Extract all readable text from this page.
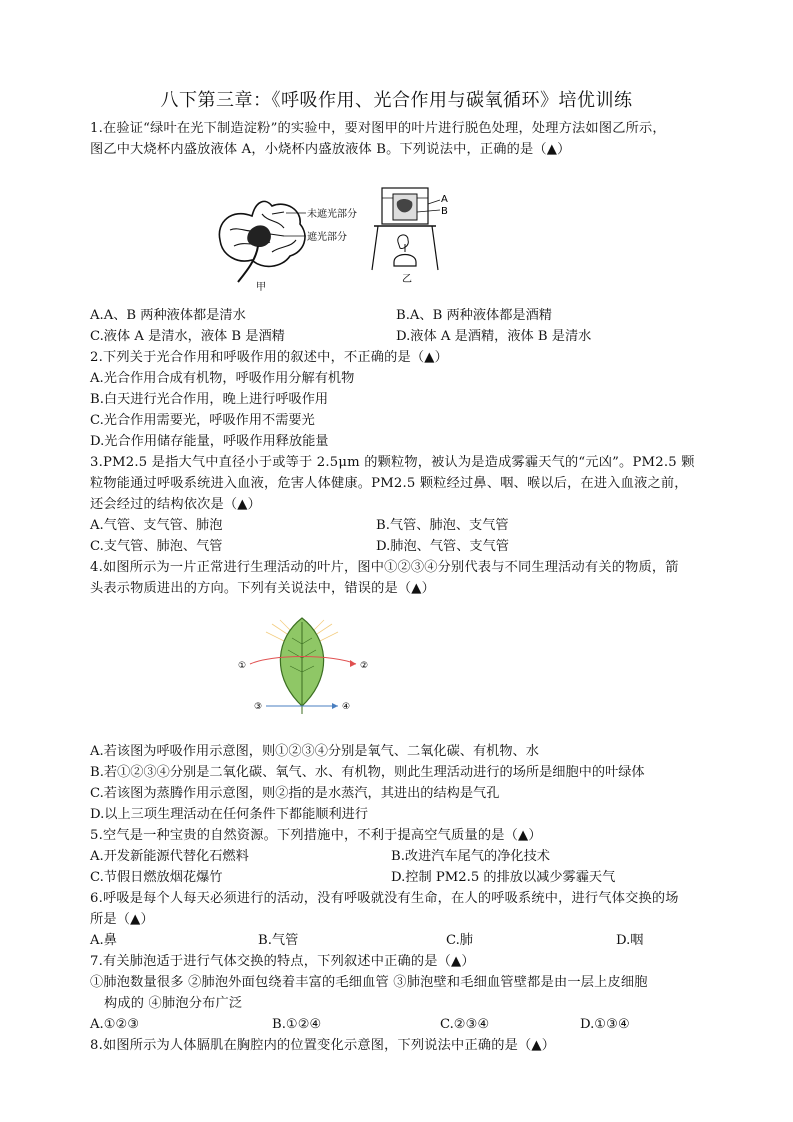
八下第三章：《呼吸作用、光合作用与碳氧循环》培优训练
1.在验证“绿叶在光下制造淀粉”的实验中，要对图甲的叶片进行脱色处理，处理方法如图乙所示，
图乙中大烧杯内盛放液体 A，小烧杯内盛放液体 B。下列说法中，正确的是（▲）
未遮光部分
遮光部分
甲
A
B
乙
A.A、B 两种液体都是清水	B.A、B 两种液体都是酒精
C.液体 A 是清水，液体 B 是酒精	D.液体 A 是酒精，液体 B 是清水
2.下列关于光合作用和呼吸作用的叙述中，不正确的是（▲）
A.光合作用合成有机物，呼吸作用分解有机物
B.白天进行光合作用，晚上进行呼吸作用
C.光合作用需要光，呼吸作用不需要光
D.光合作用储存能量，呼吸作用释放能量
3.PM2.5 是指大气中直径小于或等于 2.5μm 的颗粒物，被认为是造成雾霾天气的“元凶”。PM2.5 颗
粒物能通过呼吸系统进入血液，危害人体健康。PM2.5 颗粒经过鼻、咽、喉以后，在进入血液之前，
还会经过的结构依次是（▲）
A.气管、支气管、肺泡	B.气管、肺泡、支气管
C.支气管、肺泡、气管	D.肺泡、气管、支气管
4.如图所示为一片正常进行生理活动的叶片，图中①②③④分别代表与不同生理活动有关的物质，箭
头表示物质进出的方向。下列有关说法中，错误的是（▲）
①	②
③	④
A.若该图为呼吸作用示意图，则①②③④分别是氧气、二氧化碳、有机物、水
B.若①②③④分别是二氧化碳、氧气、水、有机物，则此生理活动进行的场所是细胞中的叶绿体
C.若该图为蒸腾作用示意图，则②指的是水蒸汽，其进出的结构是气孔
D.以上三项生理活动在任何条件下都能顺利进行
5.空气是一种宝贵的自然资源。下列措施中，不利于提高空气质量的是（▲）
A.开发新能源代替化石燃料	B.改进汽车尾气的净化技术
C.节假日燃放烟花爆竹	D.控制 PM2.5 的排放以减少雾霾天气
6.呼吸是每个人每天必须进行的活动，没有呼吸就没有生命，在人的呼吸系统中，进行气体交换的场
所是（▲）
A.鼻	B.气管	C.肺	D.咽
7.有关肺泡适于进行气体交换的特点，下列叙述中正确的是（▲）
①肺泡数量很多 ②肺泡外面包绕着丰富的毛细血管 ③肺泡壁和毛细血管壁都是由一层上皮细胞
构成的 ④肺泡分布广泛
A.①②③	B.①②④	C.②③④	D.①③④
8.如图所示为人体膈肌在胸腔内的位置变化示意图，下列说法中正确的是（▲）
